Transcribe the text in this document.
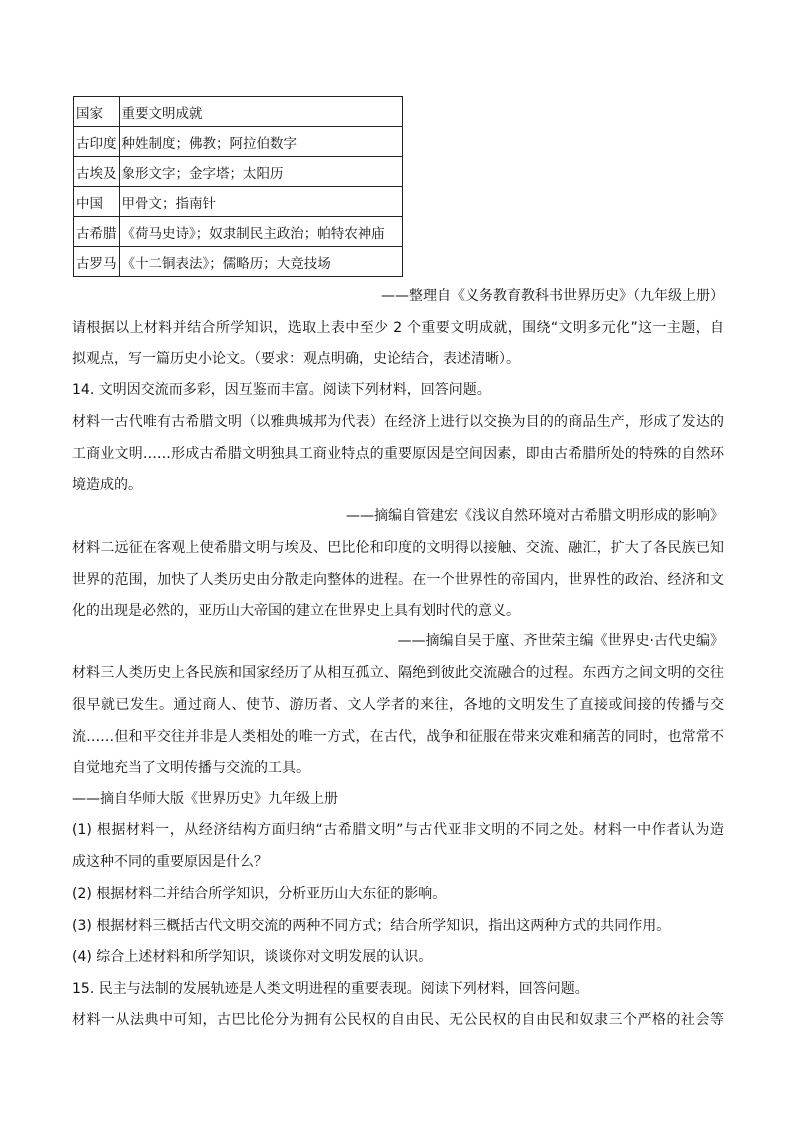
国家	重要文明成就
古印度	种姓制度；佛教；阿拉伯数字
古埃及	象形文字；金字塔；太阳历
中国	甲骨文；指南针
古希腊	《荷马史诗》；奴隶制民主政治；帕特农神庙
古罗马	《十二铜表法》；儒略历；大竞技场
——整理自《义务教育教科书世界历史》（九年级上册）
请根据以上材料并结合所学知识，选取上表中至少 2 个重要文明成就，围绕“文明多元化”这一主题，自
拟观点，写一篇历史小论文。（要求：观点明确，史论结合，表述清晰）。
14. 文明因交流而多彩，因互鉴而丰富。阅读下列材料，回答问题。
材料一古代唯有古希腊文明（以雅典城邦为代表）在经济上进行以交换为目的的商品生产，形成了发达的
工商业文明……形成古希腊文明独具工商业特点的重要原因是空间因素，即由古希腊所处的特殊的自然环
境造成的。
——摘编自管建宏《浅议自然环境对古希腊文明形成的影响》
材料二远征在客观上使希腊文明与埃及、巴比伦和印度的文明得以接触、交流、融汇，扩大了各民族已知
世界的范围，加快了人类历史由分散走向整体的进程。在一个世界性的帝国内，世界性的政治、经济和文
化的出现是必然的，亚历山大帝国的建立在世界史上具有划时代的意义。
——摘编自吴于廑、齐世荣主编《世界史·古代史编》
材料三人类历史上各民族和国家经历了从相互孤立、隔绝到彼此交流融合的过程。东西方之间文明的交往
很早就已发生。通过商人、使节、游历者、文人学者的来往，各地的文明发生了直接或间接的传播与交
流……但和平交往并非是人类相处的唯一方式，在古代，战争和征服在带来灾难和痛苦的同时，也常常不
自觉地充当了文明传播与交流的工具。
——摘自华师大版《世界历史》九年级上册
(1) 根据材料一，从经济结构方面归纳“古希腊文明”与古代亚非文明的不同之处。材料一中作者认为造
成这种不同的重要原因是什么？
(2) 根据材料二并结合所学知识，分析亚历山大东征的影响。
(3) 根据材料三概括古代文明交流的两种不同方式；结合所学知识，指出这两种方式的共同作用。
(4) 综合上述材料和所学知识，谈谈你对文明发展的认识。
15. 民主与法制的发展轨迹是人类文明进程的重要表现。阅读下列材料，回答问题。
材料一从法典中可知，古巴比伦分为拥有公民权的自由民、无公民权的自由民和奴隶三个严格的社会等
